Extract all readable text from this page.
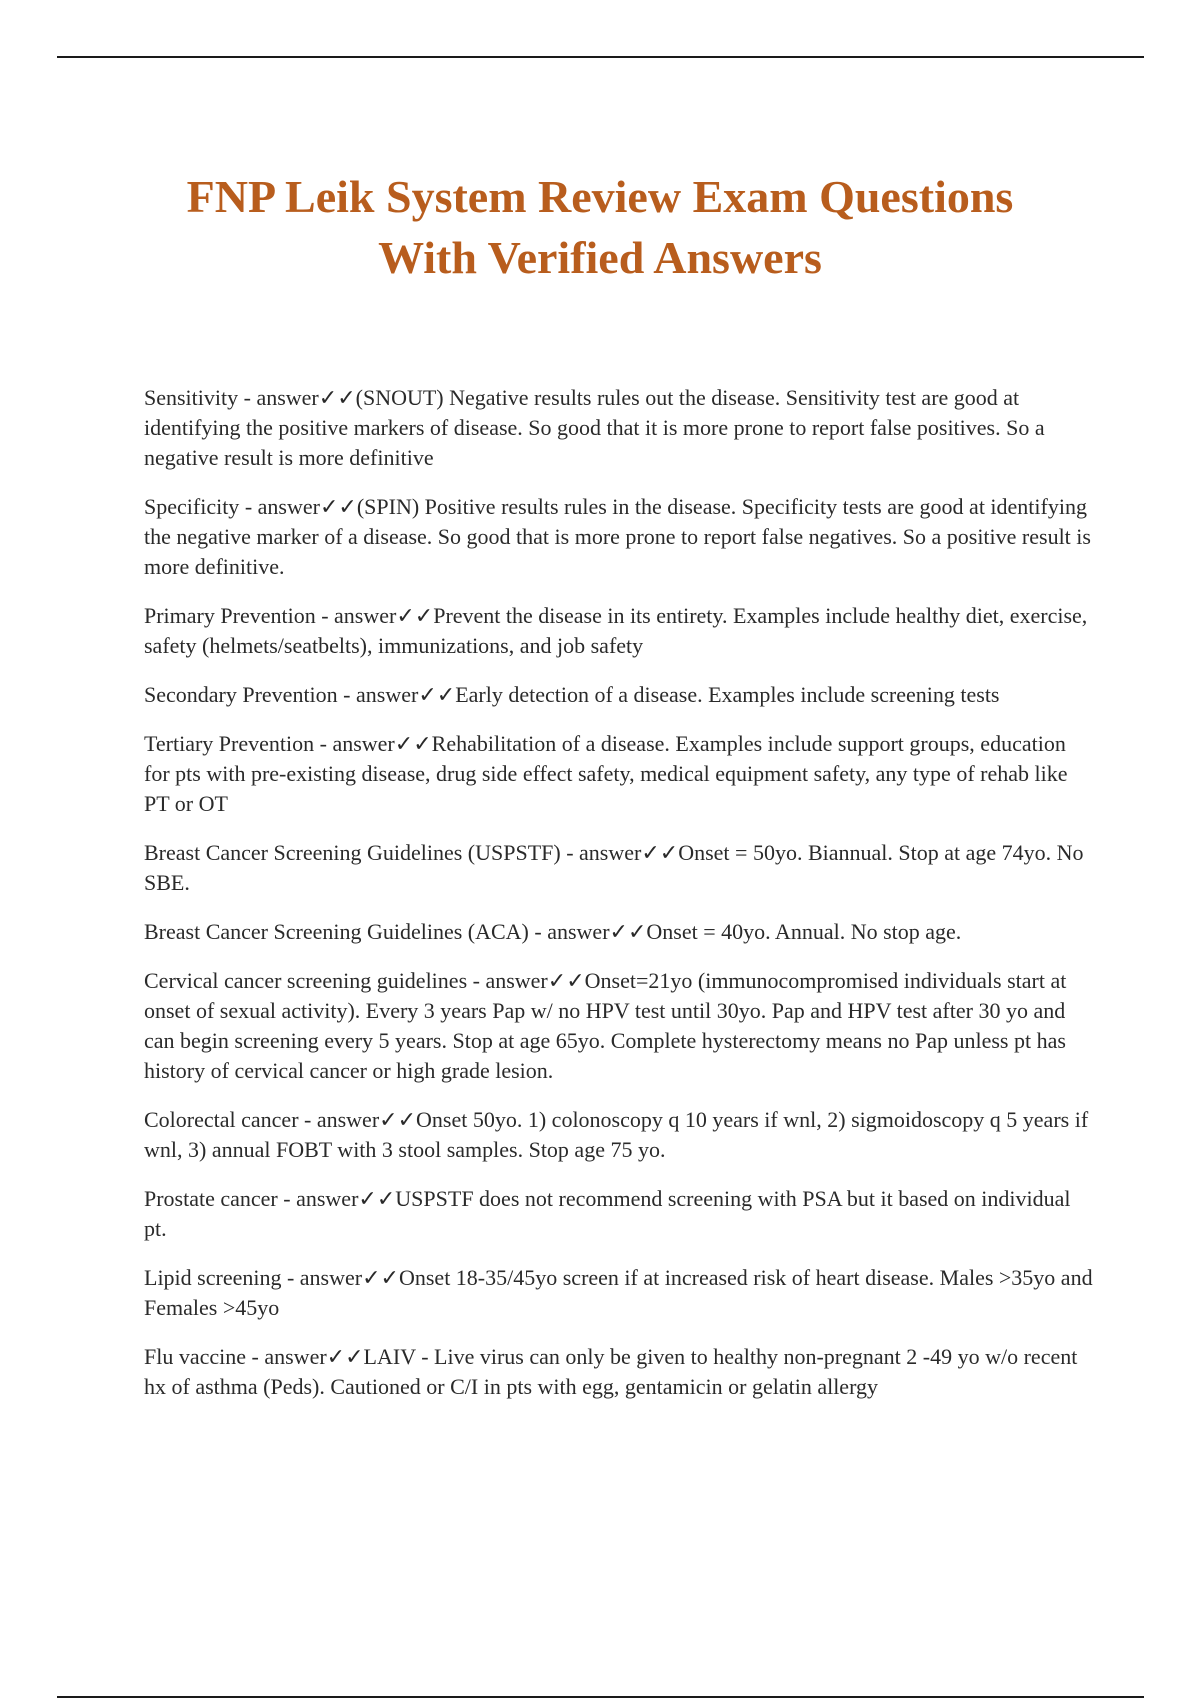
FNP Leik System Review Exam Questions
With Verified Answers
Sensitivity - answer✓✓(SNOUT) Negative results rules out the disease. Sensitivity test are good at identifying the positive markers of disease. So good that it is more prone to report false positives. So a negative result is more definitive
Specificity - answer✓✓(SPIN) Positive results rules in the disease. Specificity tests are good at identifying the negative marker of a disease. So good that is more prone to report false negatives. So a positive result is more definitive.
Primary Prevention - answer✓✓Prevent the disease in its entirety. Examples include healthy diet, exercise, safety (helmets/seatbelts), immunizations, and job safety
Secondary Prevention - answer✓✓Early detection of a disease. Examples include screening tests
Tertiary Prevention - answer✓✓Rehabilitation of a disease. Examples include support groups, education for pts with pre-existing disease, drug side effect safety, medical equipment safety, any type of rehab like PT or OT
Breast Cancer Screening Guidelines (USPSTF) - answer✓✓Onset = 50yo. Biannual. Stop at age 74yo. No SBE.
Breast Cancer Screening Guidelines (ACA) - answer✓✓Onset = 40yo. Annual. No stop age.
Cervical cancer screening guidelines - answer✓✓Onset=21yo (immunocompromised individuals start at onset of sexual activity). Every 3 years Pap w/ no HPV test until 30yo. Pap and HPV test after 30 yo and can begin screening every 5 years. Stop at age 65yo. Complete hysterectomy means no Pap unless pt has history of cervical cancer or high grade lesion.
Colorectal cancer - answer✓✓Onset 50yo. 1) colonoscopy q 10 years if wnl, 2) sigmoidoscopy q 5 years if wnl, 3) annual FOBT with 3 stool samples. Stop age 75 yo.
Prostate cancer - answer✓✓USPSTF does not recommend screening with PSA but it based on individual pt.
Lipid screening - answer✓✓Onset 18-35/45yo screen if at increased risk of heart disease. Males >35yo and Females >45yo
Flu vaccine - answer✓✓LAIV - Live virus can only be given to healthy non-pregnant 2 -49 yo w/o recent hx of asthma (Peds). Cautioned or C/I in pts with egg, gentamicin or gelatin allergy
